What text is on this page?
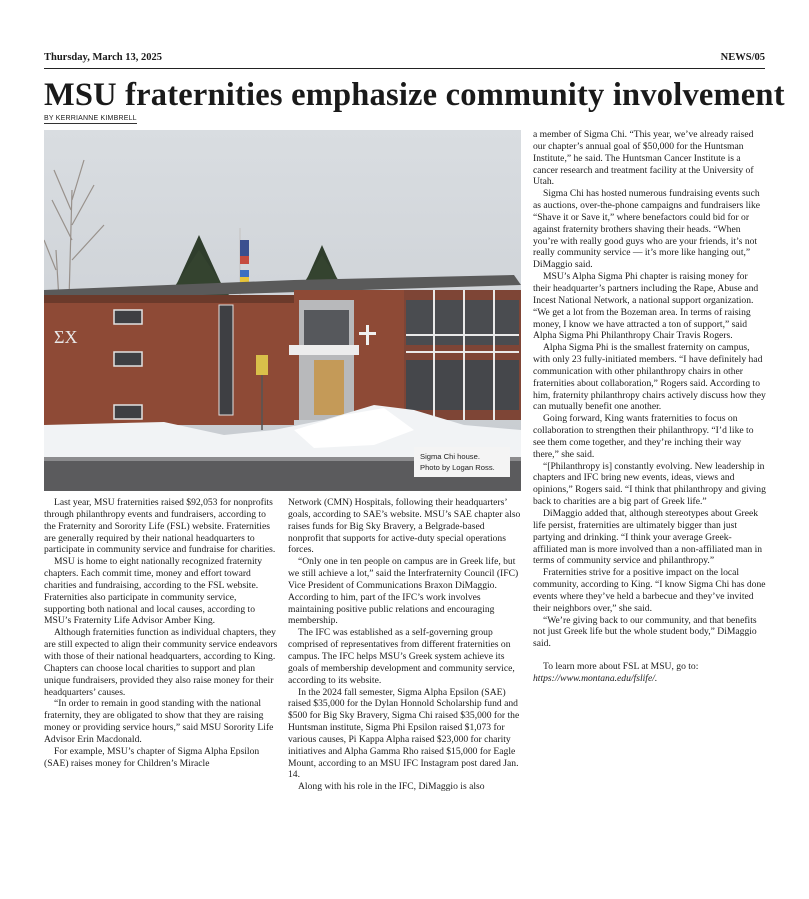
Thursday, March 13, 2025	NEWS/05
MSU fraternities emphasize community involvement
BY KERRIANNE KIMBRELL
ΣX
Sigma Chi house.
Photo by Logan Ross.

Last year, MSU fraternities raised $92,053 for nonprofits through philanthropy events and fundraisers, according to the Fraternity and Sorority Life (FSL) website. Fraternities are generally required by their national headquarters to participate in community service and fundraise for charities.

MSU is home to eight nationally recognized fraternity chapters. Each commit time, money and effort toward charities and fundraising, according to the FSL website. Fraternities also participate in community service, supporting both national and local causes, according to MSU’s Fraternity Life Advisor Amber King.

Although fraternities function as individual chapters, they are still expected to align their community service endeavors with those of their national headquarters, according to King. Chapters can choose local charities to support and plan unique fundraisers, provided they also raise money for their headquarters’ causes.

“In order to remain in good standing with the national fraternity, they are obligated to show that they are raising money or providing service hours,” said MSU Sorority Life Advisor Erin Macdonald.

For example, MSU’s chapter of Sigma Alpha Epsilon (SAE) raises money for Children’s Miracle

Network (CMN) Hospitals, following their headquarters’ goals, according to SAE’s website. MSU’s SAE chapter also raises funds for Big Sky Bravery, a Belgrade-based nonprofit that supports for active-duty special operations forces.

“Only one in ten people on campus are in Greek life, but we still achieve a lot,” said the Interfraternity Council (IFC) Vice President of Communications Braxon DiMaggio. According to him, part of the IFC’s work involves maintaining positive public relations and encouraging membership.

The IFC was established as a self-governing group comprised of representatives from different fraternities on campus. The IFC helps MSU’s Greek system achieve its goals of membership development and community service, according to its website.

In the 2024 fall semester, Sigma Alpha Epsilon (SAE) raised $35,000 for the Dylan Honnold Scholarship fund and $500 for Big Sky Bravery, Sigma Chi raised $35,000 for the Huntsman institute, Sigma Phi Epsilon raised $1,073 for various causes, Pi Kappa Alpha raised $23,000 for charity initiatives and Alpha Gamma Rho raised $15,000 for Eagle Mount, according to an MSU IFC Instagram post dared Jan. 14.

Along with his role in the IFC, DiMaggio is also

a member of Sigma Chi. “This year, we’ve already raised our chapter’s annual goal of $50,000 for the Huntsman Institute,” he said. The Huntsman Cancer Institute is a cancer research and treatment facility at the University of Utah.

Sigma Chi has hosted numerous fundraising events such as auctions, over-the-phone campaigns and fundraisers like “Shave it or Save it,” where benefactors could bid for or against fraternity brothers shaving their heads. “When you’re with really good guys who are your friends, it’s not really community service — it’s more like hanging out,” DiMaggio said.

MSU’s Alpha Sigma Phi chapter is raising money for their headquarter’s partners including the Rape, Abuse and Incest National Network, a national support organization. “We get a lot from the Bozeman area. In terms of raising money, I know we have attracted a ton of support,” said Alpha Sigma Phi Philanthropy Chair Travis Rogers.

Alpha Sigma Phi is the smallest fraternity on campus, with only 23 fully-initiated members. “I have definitely had communication with other philanthropy chairs in other fraternities about collaboration,” Rogers said. According to him, fraternity philanthropy chairs actively discuss how they can mutually benefit one another.

Going forward, King wants fraternities to focus on collaboration to strengthen their philanthropy. “I’d like to see them come together, and they’re inching their way there,” she said.

“[Philanthropy is] constantly evolving. New leadership in chapters and IFC bring new events, ideas, views and opinions,” Rogers said. “I think that philanthropy and giving back to charities are a big part of Greek life.”

DiMaggio added that, although stereotypes about Greek life persist, fraternities are ultimately bigger than just partying and drinking. “I think your average Greek-affiliated man is more involved than a non-affiliated man in terms of community service and philanthropy.”

Fraternities strive for a positive impact on the local community, according to King. “I know Sigma Chi has done events where they’ve held a barbecue and they’ve invited their neighbors over,” she said.

“We’re giving back to our community, and that benefits not just Greek life but the whole student body,” DiMaggio said.

To learn more about FSL at MSU, go to: https://www.montana.edu/fslife/.
